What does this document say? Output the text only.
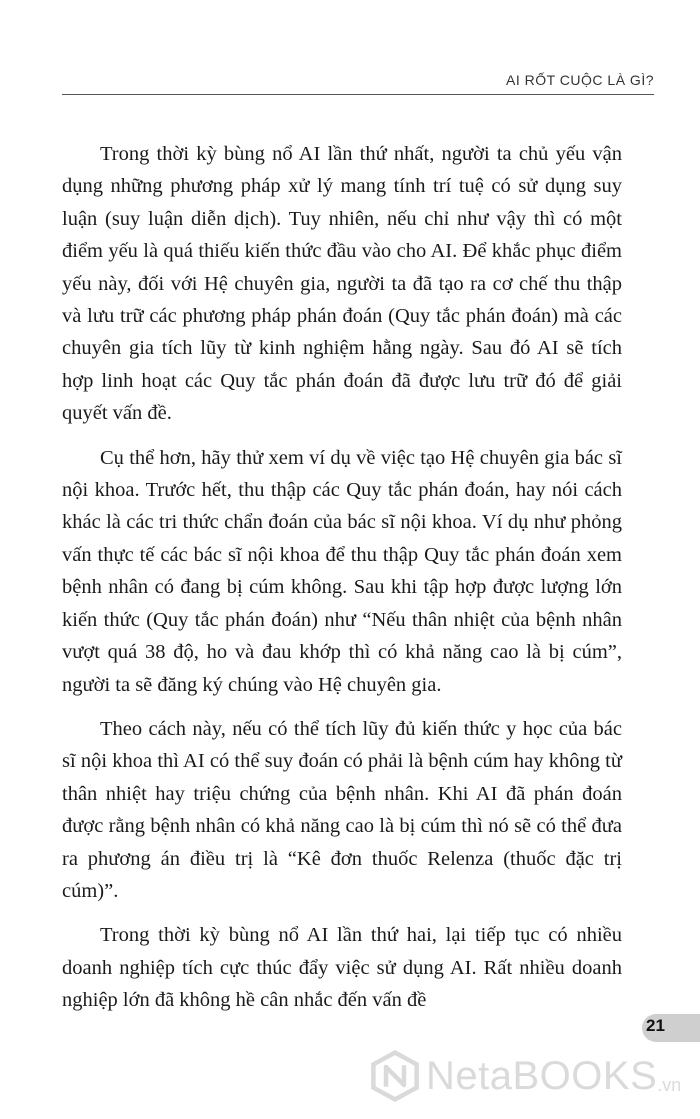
AI RỐT CUỘC LÀ GÌ?

Trong thời kỳ bùng nổ AI lần thứ nhất, người ta chủ yếu vận dụng những phương pháp xử lý mang tính trí tuệ có sử dụng suy luận (suy luận diễn dịch). Tuy nhiên, nếu chỉ như vậy thì có một điểm yếu là quá thiếu kiến thức đầu vào cho AI. Để khắc phục điểm yếu này, đối với Hệ chuyên gia, người ta đã tạo ra cơ chế thu thập và lưu trữ các phương pháp phán đoán (Quy tắc phán đoán) mà các chuyên gia tích lũy từ kinh nghiệm hằng ngày. Sau đó AI sẽ tích hợp linh hoạt các Quy tắc phán đoán đã được lưu trữ đó để giải quyết vấn đề.

Cụ thể hơn, hãy thử xem ví dụ về việc tạo Hệ chuyên gia bác sĩ nội khoa. Trước hết, thu thập các Quy tắc phán đoán, hay nói cách khác là các tri thức chẩn đoán của bác sĩ nội khoa. Ví dụ như phỏng vấn thực tế các bác sĩ nội khoa để thu thập Quy tắc phán đoán xem bệnh nhân có đang bị cúm không. Sau khi tập hợp được lượng lớn kiến thức (Quy tắc phán đoán) như “Nếu thân nhiệt của bệnh nhân vượt quá 38 độ, ho và đau khớp thì có khả năng cao là bị cúm”, người ta sẽ đăng ký chúng vào Hệ chuyên gia.

Theo cách này, nếu có thể tích lũy đủ kiến thức y học của bác sĩ nội khoa thì AI có thể suy đoán có phải là bệnh cúm hay không từ thân nhiệt hay triệu chứng của bệnh nhân. Khi AI đã phán đoán được rằng bệnh nhân có khả năng cao là bị cúm thì nó sẽ có thể đưa ra phương án điều trị là “Kê đơn thuốc Relenza (thuốc đặc trị cúm)”.

Trong thời kỳ bùng nổ AI lần thứ hai, lại tiếp tục có nhiều doanh nghiệp tích cực thúc đẩy việc sử dụng AI. Rất nhiều doanh nghiệp lớn đã không hề cân nhắc đến vấn đề

21
NetaBOOKS .vn
